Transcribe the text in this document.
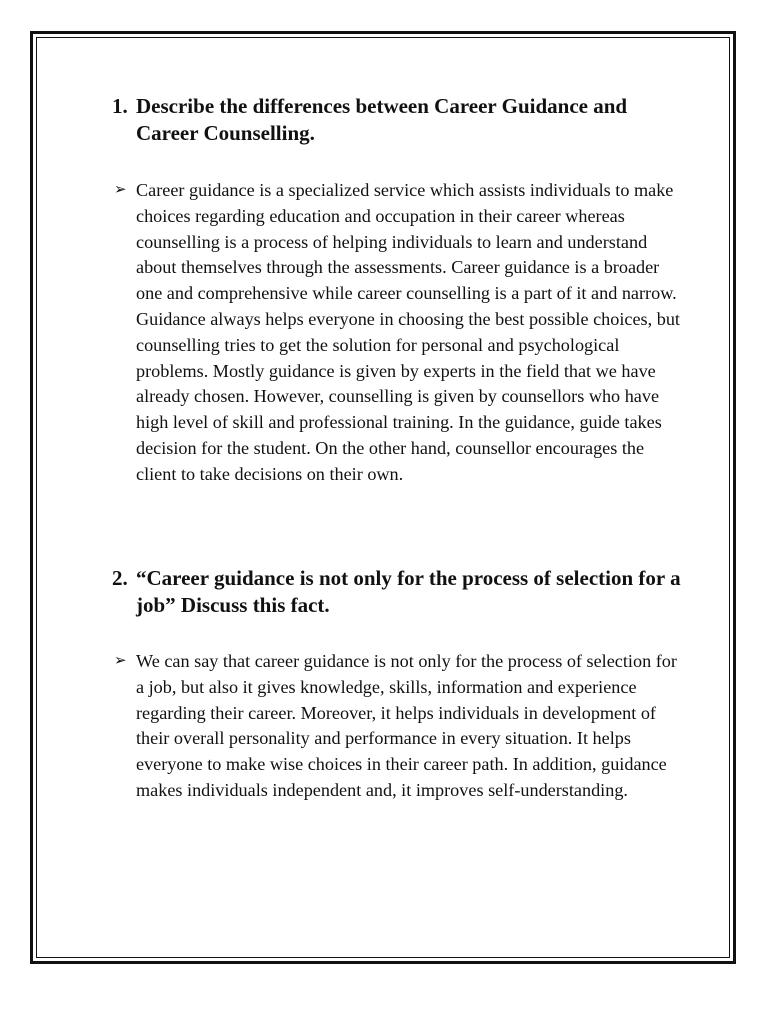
1. Describe the differences between Career Guidance and Career Counselling.
➢ Career guidance is a specialized service which assists individuals to make choices regarding education and occupation in their career whereas counselling is a process of helping individuals to learn and understand about themselves through the assessments. Career guidance is a broader one and comprehensive while career counselling is a part of it and narrow. Guidance always helps everyone in choosing the best possible choices, but counselling tries to get the solution for personal and psychological problems. Mostly guidance is given by experts in the field that we have already chosen. However, counselling is given by counsellors who have high level of skill and professional training. In the guidance, guide takes decision for the student. On the other hand, counsellor encourages the client to take decisions on their own.
2. “Career guidance is not only for the process of selection for a job” Discuss this fact.
➢ We can say that career guidance is not only for the process of selection for a job, but also it gives knowledge, skills, information and experience regarding their career. Moreover, it helps individuals in development of their overall personality and performance in every situation. It helps everyone to make wise choices in their career path. In addition, guidance makes individuals independent and, it improves self-understanding.
